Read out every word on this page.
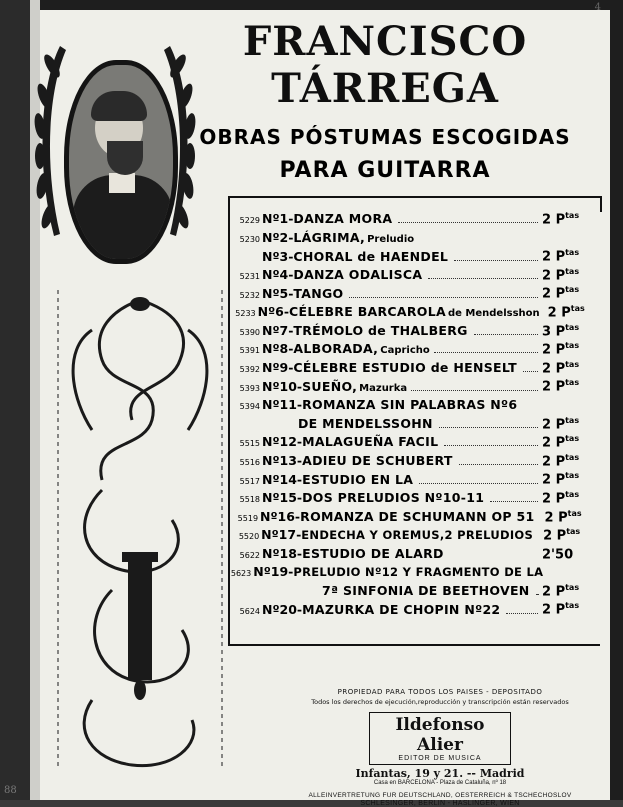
88
4
FRANCISCO TÁRREGA
OBRAS PÓSTUMAS ESCOGIDAS
PARA GUITARRA
5229 Nº1- DANZA MORA	2 $P^{tas}$
5230 Nº2- LÁGRIMA, Preludio
Nº3- CHORAL de HAENDEL	2 $P^{tas}$
5231 Nº4- DANZA ODALISCA	2 $P^{tas}$
5232 Nº5- TANGO	2 $P^{tas}$
5233 Nº6- CÉLEBRE BARCAROLA de Mendelsshon 2 $P^{tas}$
5390 Nº7- TRÉMOLO de THALBERG	3 $P^{tas}$
5391 Nº8- ALBORADA, Capricho	2 $P^{tas}$
5392 Nº9- CÉLEBRE ESTUDIO de HENSELT 2 $P^{tas}$
5393 Nº10- SUEÑO, Mazurka	2 $P^{tas}$
5394 Nº11- ROMANZA SIN PALABRAS Nº6
DE MENDELSSOHN	2 $P^{tas}$
5515 Nº12- MALAGUEÑA FACIL	2 $P^{tas}$
5516 Nº13- ADIEU DE SCHUBERT	2 $P^{tas}$
5517 Nº14- ESTUDIO EN LA	2 $P^{tas}$
5518 Nº15- DOS PRELUDIOS Nº10-11	2 $P^{tas}$
5519 Nº16- ROMANZA DE SCHUMANN OP 51 2 $P^{tas}$
5520 Nº17- ENDECHA Y OREMUS,2 PRELUDIOS 2 $P^{tas}$
5622 Nº18- ESTUDIO DE ALARD	2'50
5623 Nº19- PRELUDIO Nº12 Y FRAGMENTO DE LA
7ª SINFONIA DE BEETHOVEN 2 $P^{tas}$
5624 Nº20- MAZURKA DE CHOPIN Nº22	2 $P^{tas}$
PROPIEDAD PARA TODOS LOS PAISES - DEPOSITADO
Todos los derechos de ejecución,reproducción y transcripción están reservados
Ildefonso Alier
EDITOR DE MUSICA
Infantas, 19 y 21. -- Madrid
Casa en BARCELONA - Plaza de Cataluña, nº 18
ALLEINVERTRETUNG FUR DEUTSCHLAND, OESTERREICH & TSCHECHOSLOV
SCHLESINGER, BERLIN - HASLINGER, WIEN
